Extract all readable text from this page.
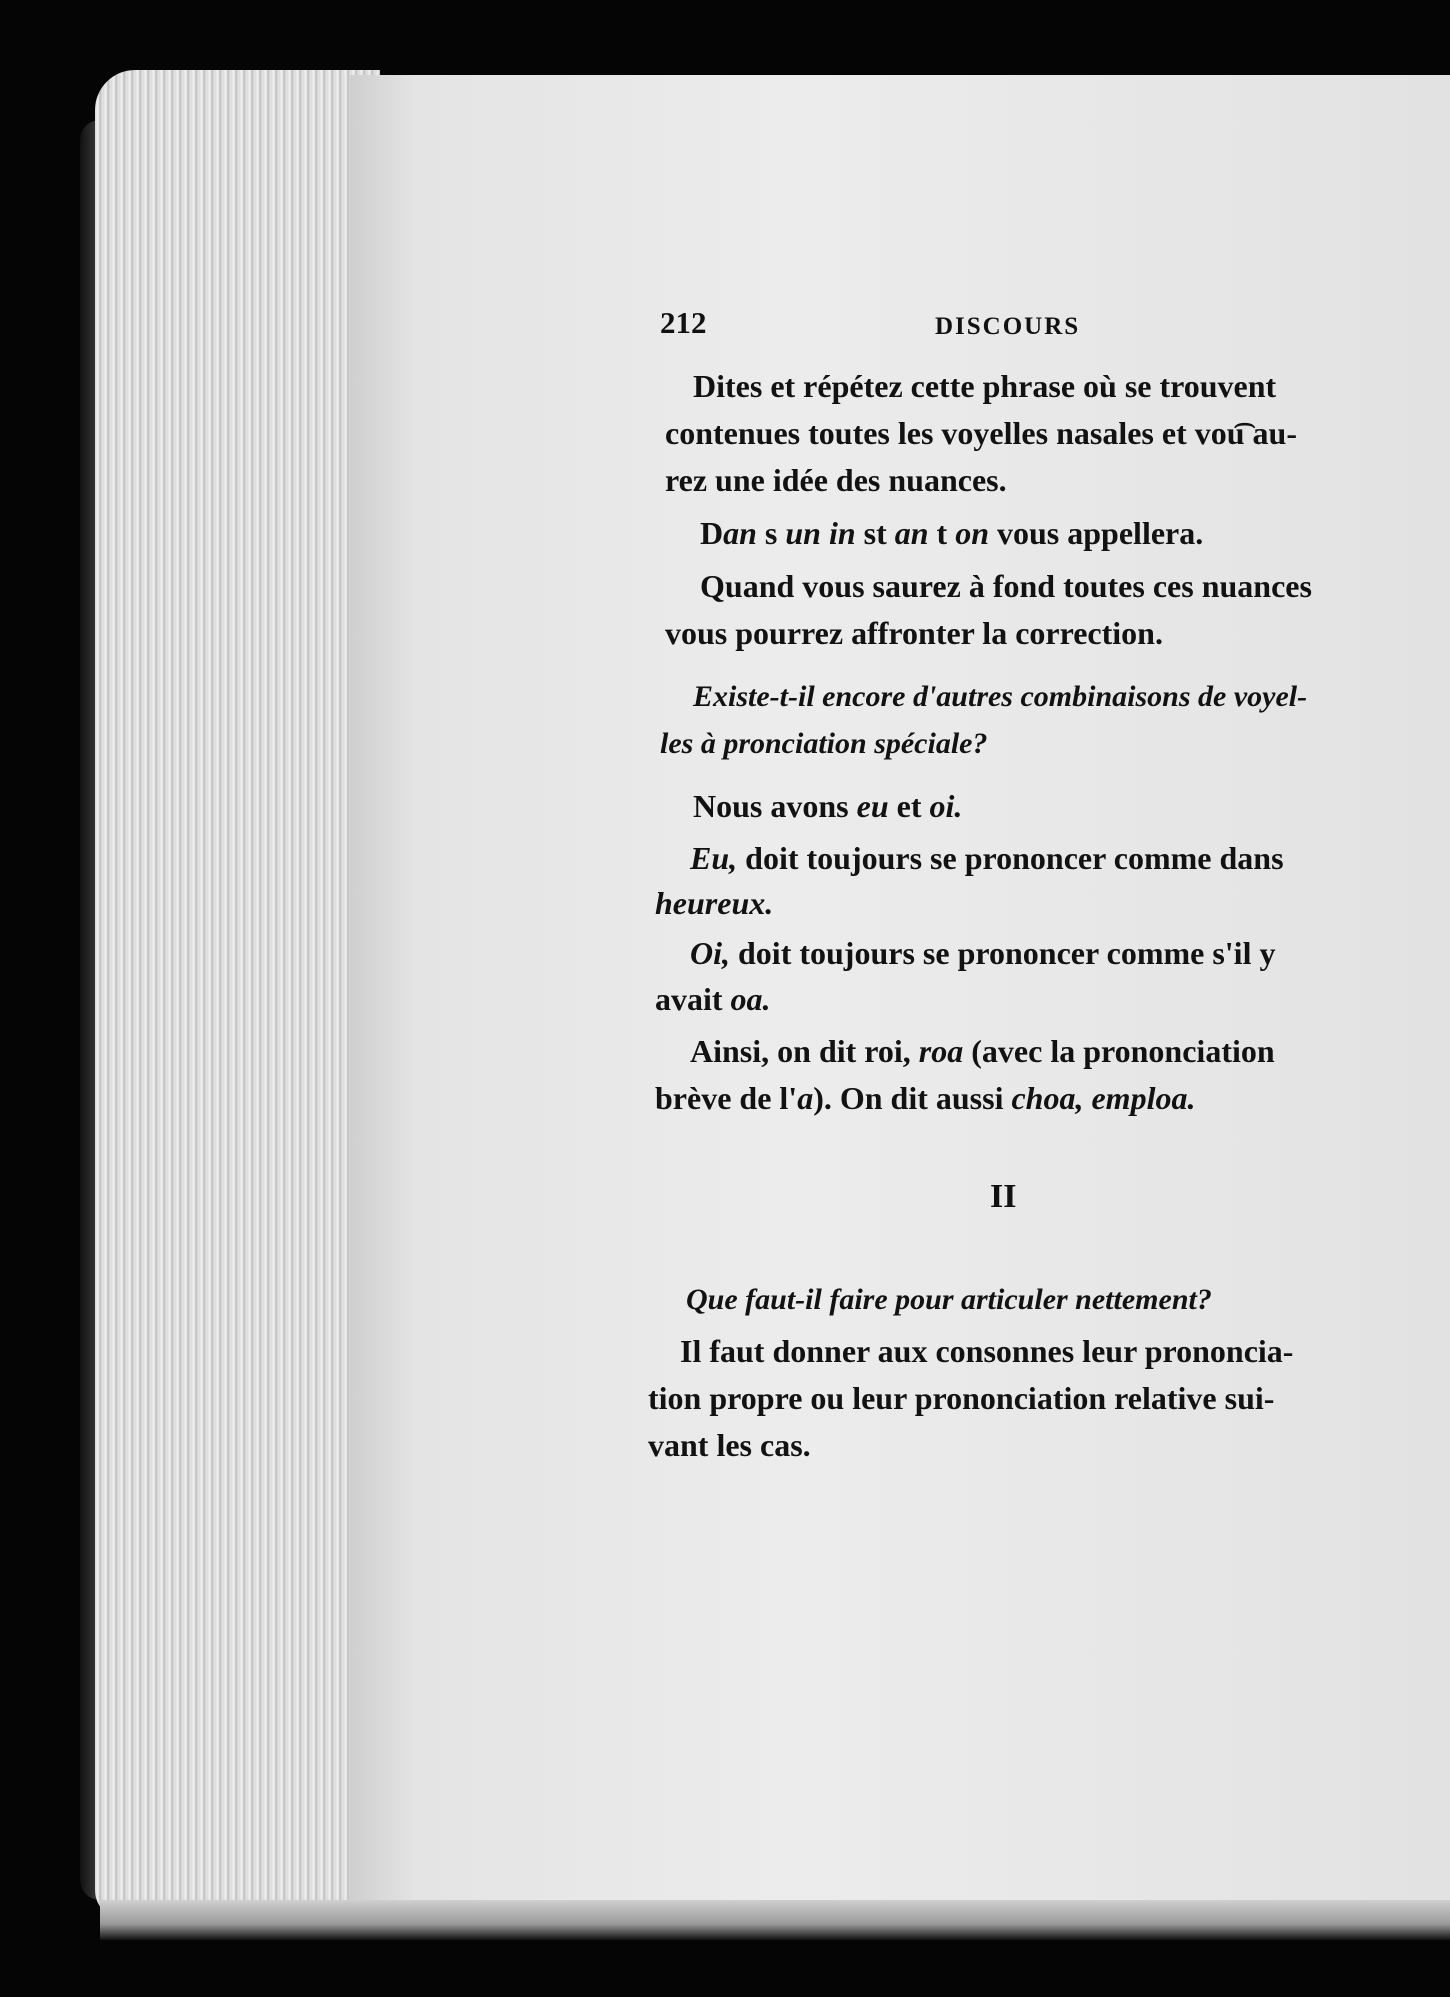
212	DISCOURS
Dites et répétez cette phrase où se trouvent
contenues toutes les voyelles nasales et vou͡ au-
rez une idée des nuances.
Dan s un in st an t on vous appellera.
Quand vous saurez à fond toutes ces nuances
vous pourrez affronter la correction.
Existe-t-il encore d'autres combinaisons de voyel-
les à pronciation spéciale?
Nous avons eu et oi.
Eu, doit toujours se prononcer comme dans
heureux.
Oi, doit toujours se prononcer comme s'il y
avait oa.
Ainsi, on dit roi, roa (avec la prononciation
brève de l'a). On dit aussi choa, emploa.
II
Que faut-il faire pour articuler nettement?
Il faut donner aux consonnes leur prononcia-
tion propre ou leur prononciation relative sui-
vant les cas.
